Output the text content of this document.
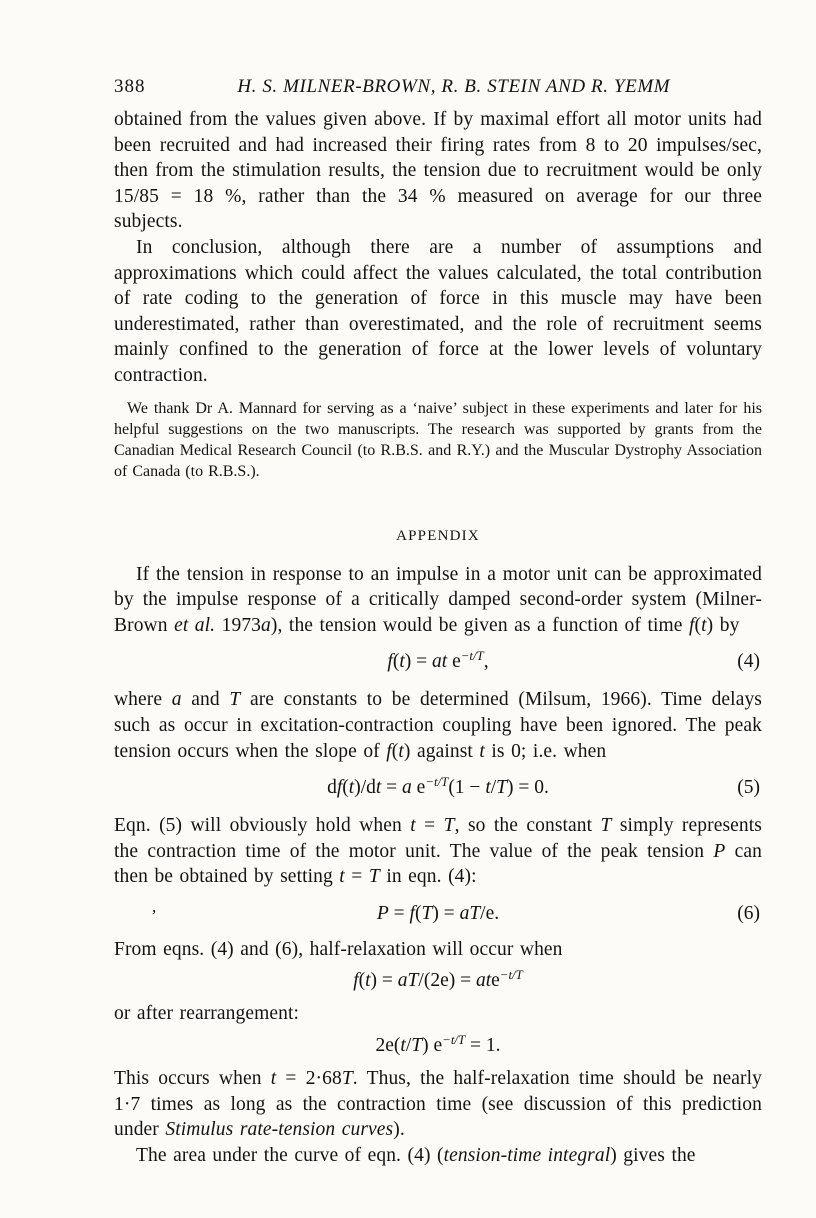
388	H. S. MILNER-BROWN, R. B. STEIN AND R. YEMM

obtained from the values given above. If by maximal effort all motor units had been recruited and had increased their firing rates from 8 to 20 impulses/sec, then from the stimulation results, the tension due to recruitment would be only 15/85 = 18 %, rather than the 34 % measured on average for our three subjects.

In conclusion, although there are a number of assumptions and approximations which could affect the values calculated, the total contribution of rate coding to the generation of force in this muscle may have been underestimated, rather than overestimated, and the role of recruitment seems mainly confined to the generation of force at the lower levels of voluntary contraction.

We thank Dr A. Mannard for serving as a ‘naive’ subject in these experiments and later for his helpful suggestions on the two manuscripts. The research was supported by grants from the Canadian Medical Research Council (to R.B.S. and R.Y.) and the Muscular Dystrophy Association of Canada (to R.B.S.).

APPENDIX

If the tension in response to an impulse in a motor unit can be approximated by the impulse response of a critically damped second-order system (Milner-Brown et al. 1973a), the tension would be given as a function of time f(t) by

f(t) = at $e^{-t/T}$,	(4)

where a and T are constants to be determined (Milsum, 1966). Time delays such as occur in excitation-contraction coupling have been ignored. The peak tension occurs when the slope of f(t) against t is 0; i.e. when

df(t)/dt = a $e^{-t/T}(1 - t/T) = 0$.	(5)

Eqn. (5) will obviously hold when t = T, so the constant T simply represents the contraction time of the motor unit. The value of the peak tension P can then be obtained by setting t = T in eqn. (4):

’	P = f(T) = aT/e.	(6)

From eqns. (4) and (6), half-relaxation will occur when

f(t) = aT/(2e) = ate$^{-t/T}$

or after rearrangement:

2e(t/T) $e^{-t/T} = 1$.

This occurs when t = 2·68T. Thus, the half-relaxation time should be nearly 1·7 times as long as the contraction time (see discussion of this prediction under Stimulus rate-tension curves).

The area under the curve of eqn. (4) (tension-time integral) gives the
